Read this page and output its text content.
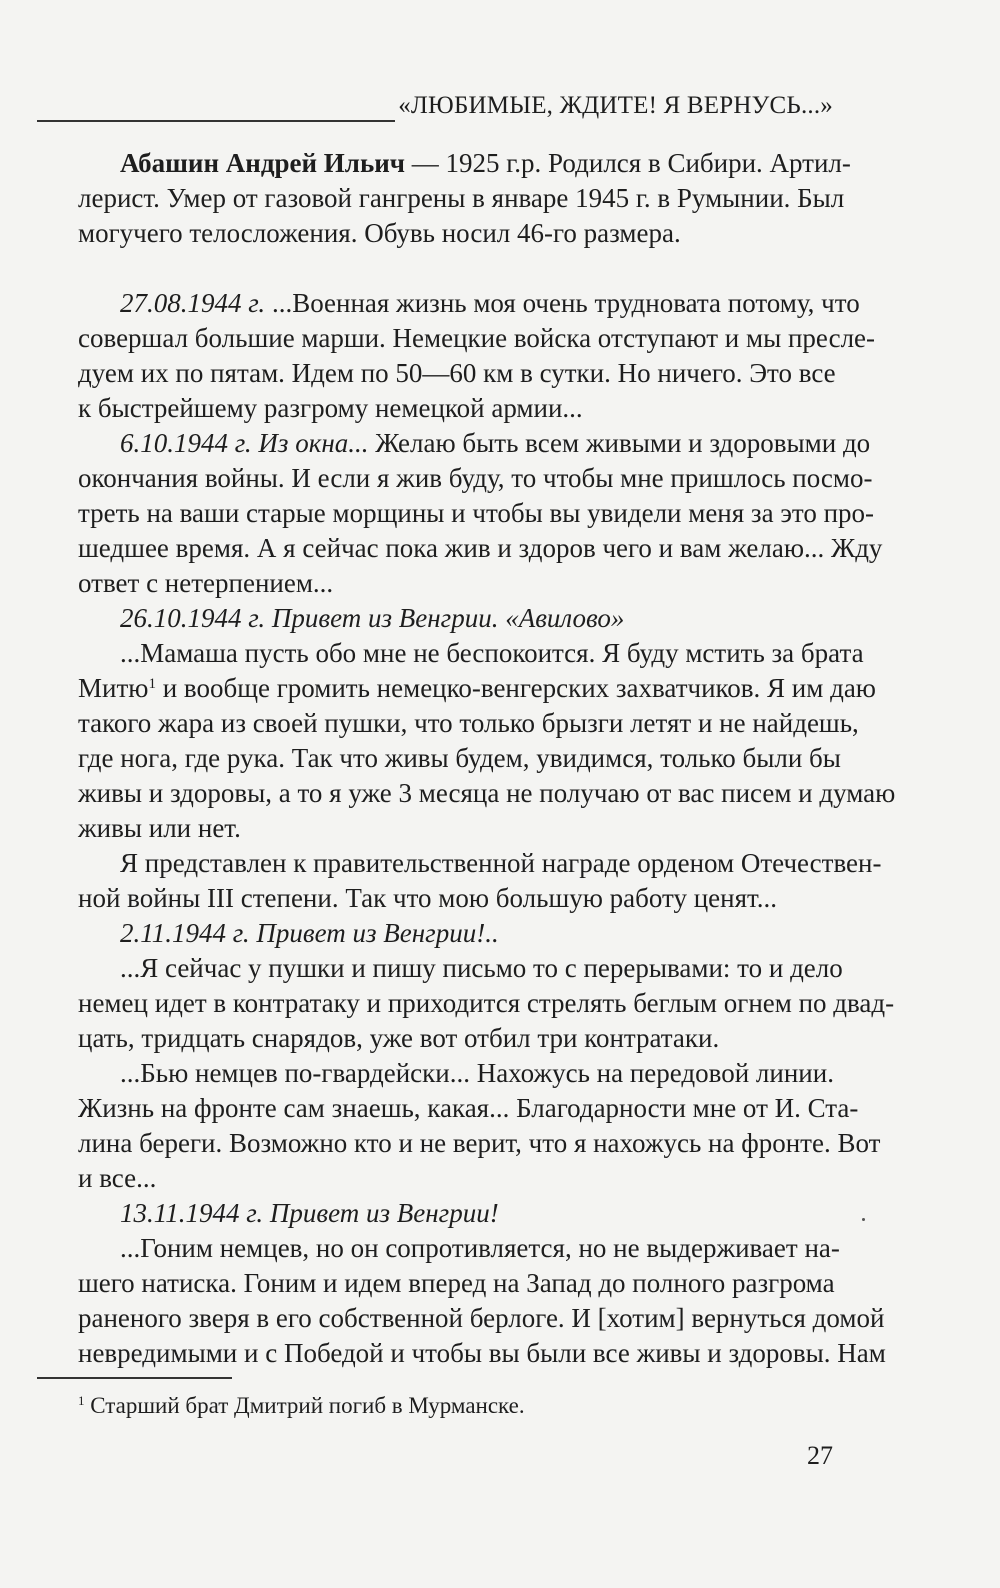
«ЛЮБИМЫЕ, ЖДИТЕ! Я ВЕРНУСЬ...»
Абашин Андрей Ильич — 1925 г.р. Родился в Сибири. Артил-
лерист. Умер от газовой гангрены в январе 1945 г. в Румынии. Был
могучего телосложения. Обувь носил 46-го размера.
27.08.1944 г. ...Военная жизнь моя очень трудновата потому, что
совершал большие марши. Немецкие войска отступают и мы пресле-
дуем их по пятам. Идем по 50—60 км в сутки. Но ничего. Это все
к быстрейшему разгрому немецкой армии...
6.10.1944 г. Из окна... Желаю быть всем живыми и здоровыми до
окончания войны. И если я жив буду, то чтобы мне пришлось посмо-
треть на ваши старые морщины и чтобы вы увидели меня за это про-
шедшее время. А я сейчас пока жив и здоров чего и вам желаю... Жду
ответ с нетерпением...
26.10.1944 г. Привет из Венгрии. «Авилово»
...Мамаша пусть обо мне не беспокоится. Я буду мстить за брата
Митю$^1$ и вообще громить немецко-венгерских захватчиков. Я им даю
такого жара из своей пушки, что только брызги летят и не найдешь,
где нога, где рука. Так что живы будем, увидимся, только были бы
живы и здоровы, а то я уже 3 месяца не получаю от вас писем и думаю
живы или нет.
Я представлен к правительственной награде орденом Отечествен-
ной войны III степени. Так что мою большую работу ценят...
2.11.1944 г. Привет из Венгрии!..
...Я сейчас у пушки и пишу письмо то с перерывами: то и дело
немец идет в контратаку и приходится стрелять беглым огнем по двад-
цать, тридцать снарядов, уже вот отбил три контратаки.
...Бью немцев по-гвардейски... Нахожусь на передовой линии.
Жизнь на фронте сам знаешь, какая... Благодарности мне от И. Ста-
лина береги. Возможно кто и не верит, что я нахожусь на фронте. Вот
и все...
13.11.1944 г. Привет из Венгрии!
...Гоним немцев, но он сопротивляется, но не выдерживает на-
шего натиска. Гоним и идем вперед на Запад до полного разгрома
раненого зверя в его собственной берлоге. И [хотим] вернуться домой
невредимыми и с Победой и чтобы вы были все живы и здоровы. Нам
$^1$ Старший брат Дмитрий погиб в Мурманске.
27
